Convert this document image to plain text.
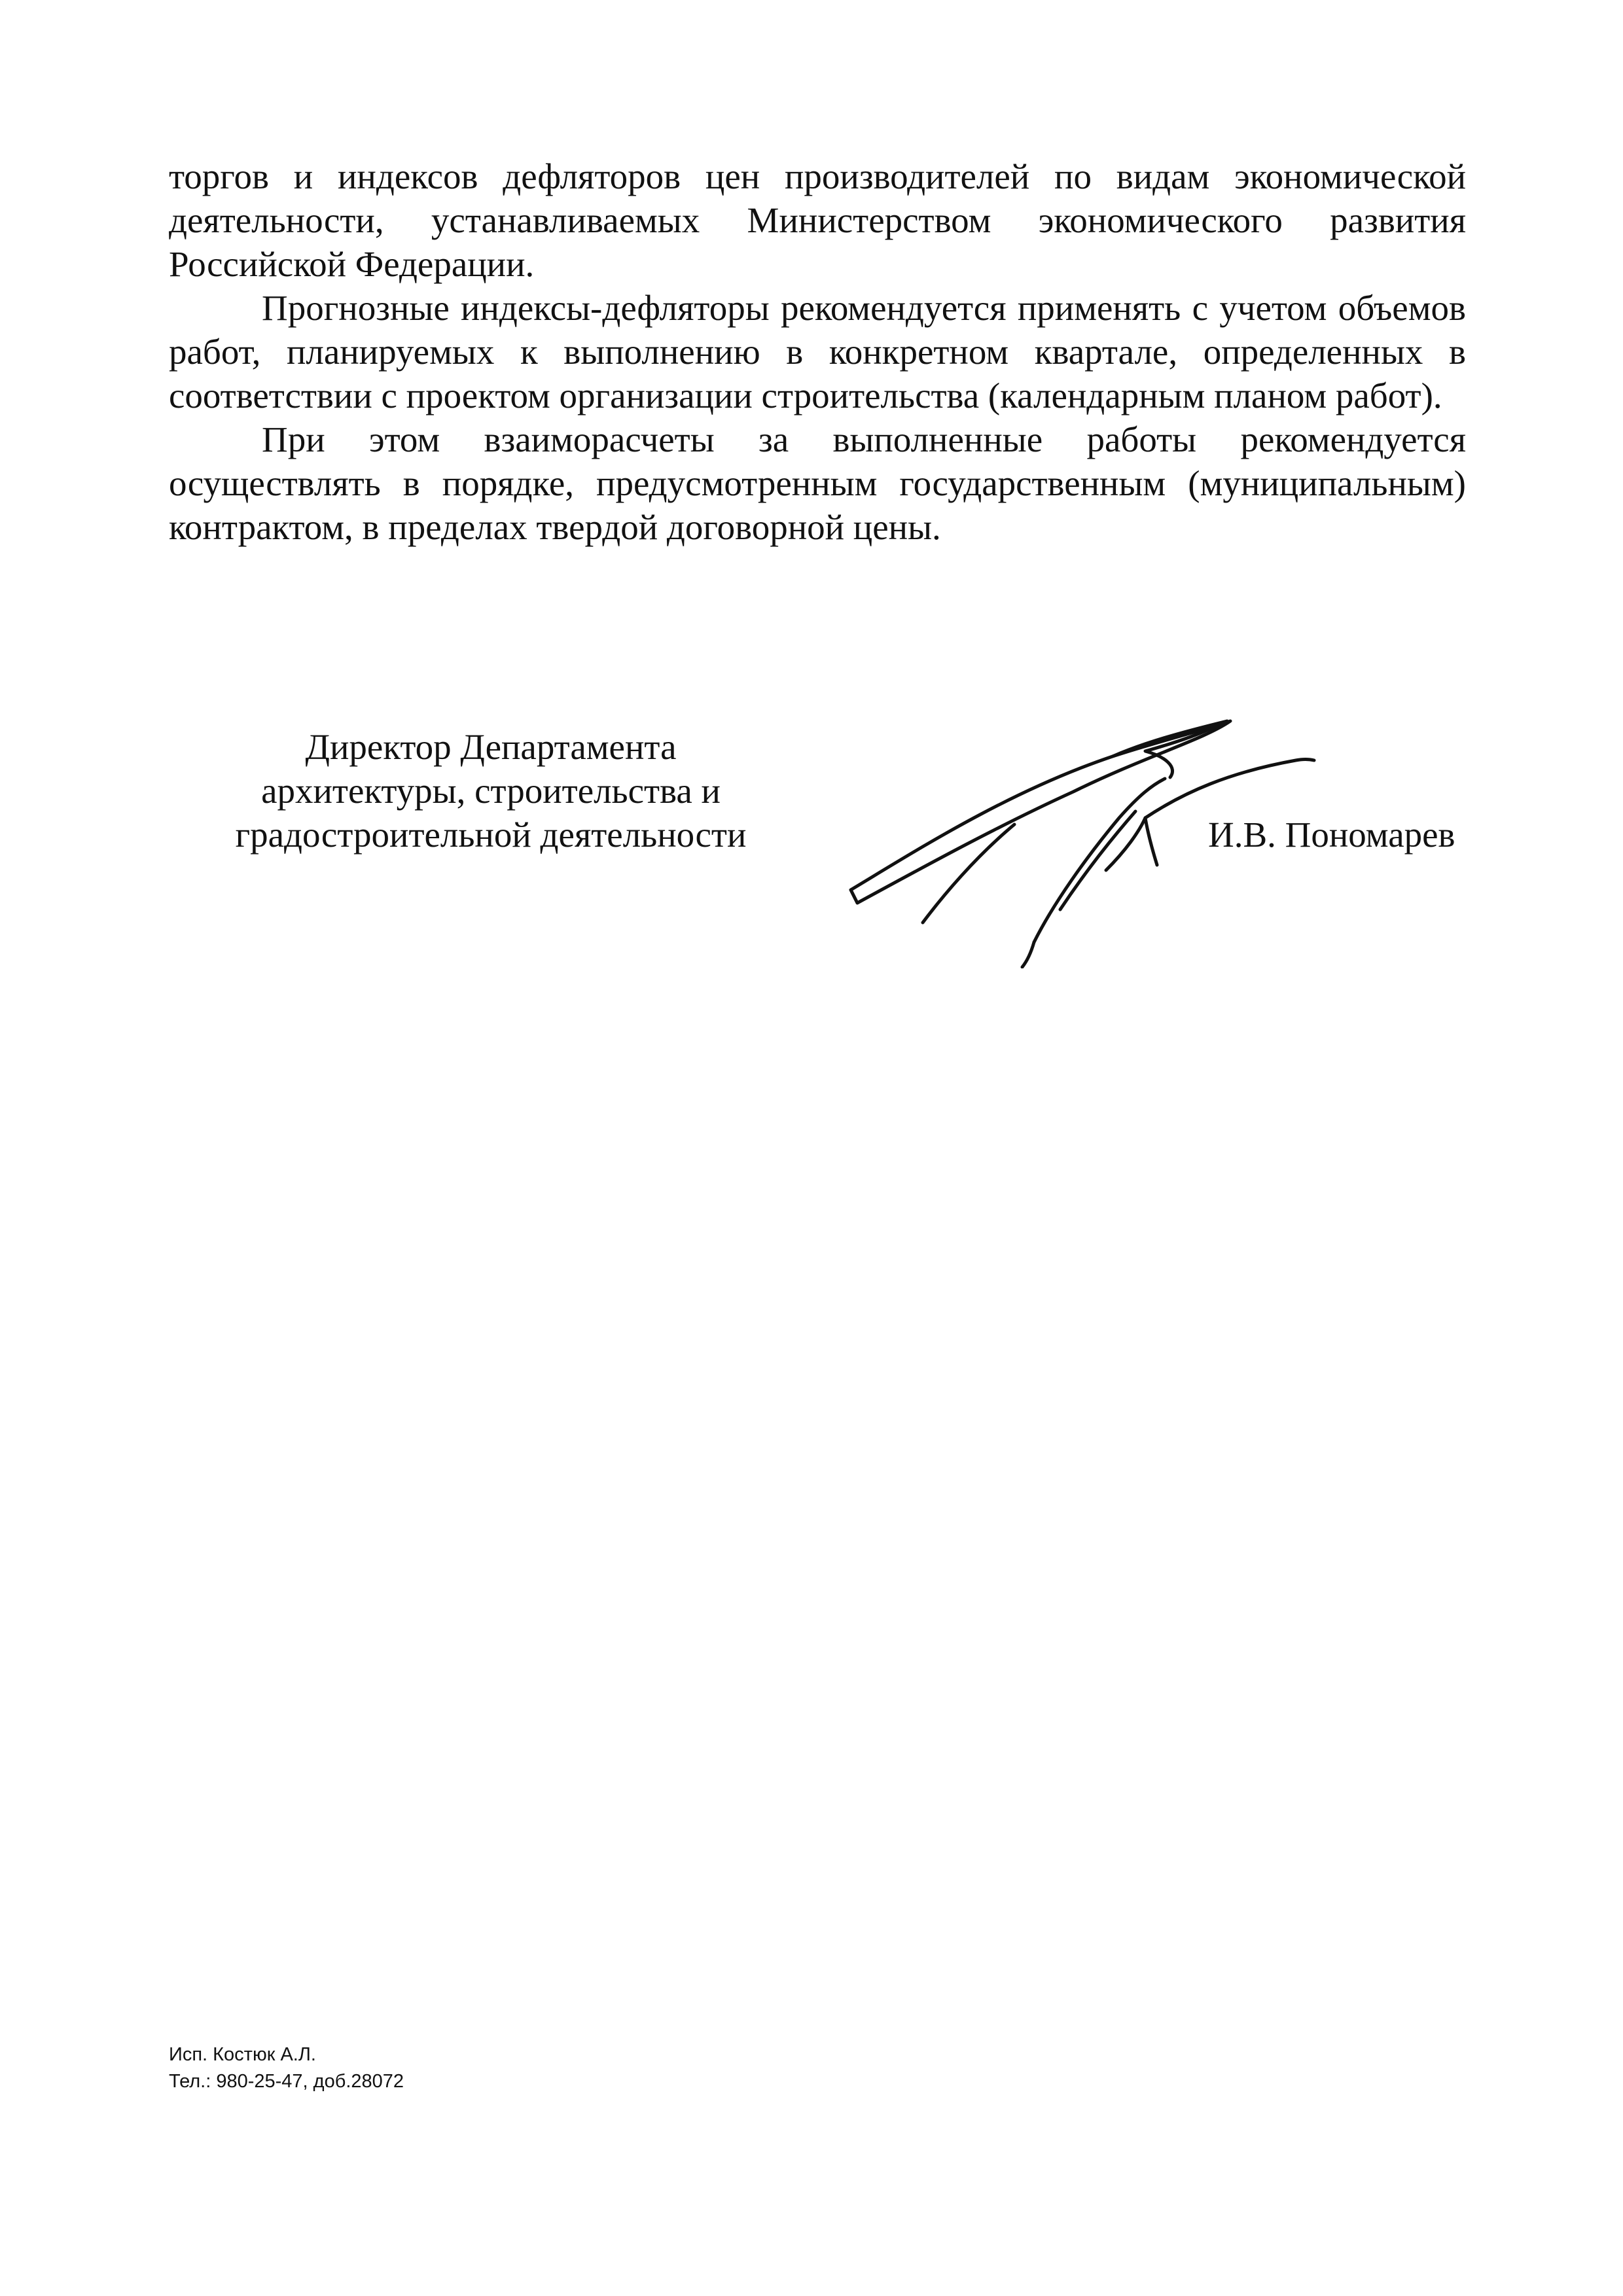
торгов и индексов дефляторов цен производителей по видам экономической деятельности, устанавливаемых Министерством экономического развития Российской Федерации.

Прогнозные индексы-дефляторы рекомендуется применять с учетом объемов работ, планируемых к выполнению в конкретном квартале, определенных в соответствии с проектом организации строительства (календарным планом работ).

При этом взаиморасчеты за выполненные работы рекомендуется осуществлять в порядке, предусмотренным государственным (муниципальным) контрактом, в пределах твердой договорной цены.

Директор Департамента
архитектуры, строительства и
градостроительной деятельности	И.В. Пономарев
Исп. Костюк А.Л.
Тел.: 980-25-47, доб.28072
